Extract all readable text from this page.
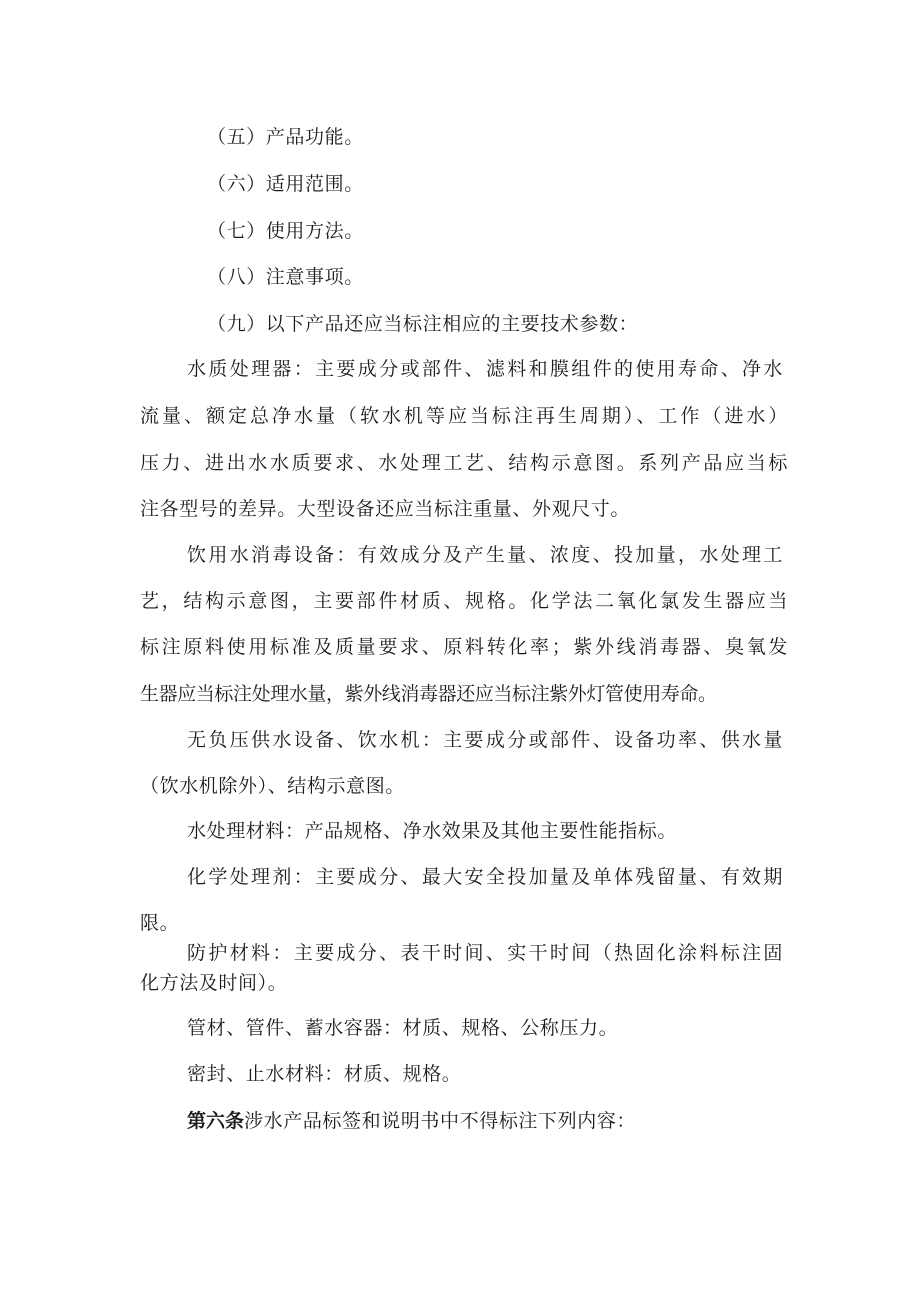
（五）产品功能。
（六）适用范围。
（七）使用方法。
（八）注意事项。
（九）以下产品还应当标注相应的主要技术参数：
水质处理器：主要成分或部件、滤料和膜组件的使用寿命、净水
流量、额定总净水量（软水机等应当标注再生周期）、工作（进水）
压力、进出水水质要求、水处理工艺、结构示意图。系列产品应当标
注各型号的差异。大型设备还应当标注重量、外观尺寸。
饮用水消毒设备：有效成分及产生量、浓度、投加量，水处理工
艺，结构示意图，主要部件材质、规格。化学法二氧化氯发生器应当
标注原料使用标准及质量要求、原料转化率；紫外线消毒器、臭氧发
生器应当标注处理水量，紫外线消毒器还应当标注紫外灯管使用寿命。
无负压供水设备、饮水机：主要成分或部件、设备功率、供水量
（饮水机除外）、结构示意图。
水处理材料：产品规格、净水效果及其他主要性能指标。
化学处理剂：主要成分、最大安全投加量及单体残留量、有效期
限。
防护材料：主要成分、表干时间、实干时间（热固化涂料标注固
化方法及时间）。
管材、管件、蓄水容器：材质、规格、公称压力。
密封、止水材料：材质、规格。
第六条涉水产品标签和说明书中不得标注下列内容：
